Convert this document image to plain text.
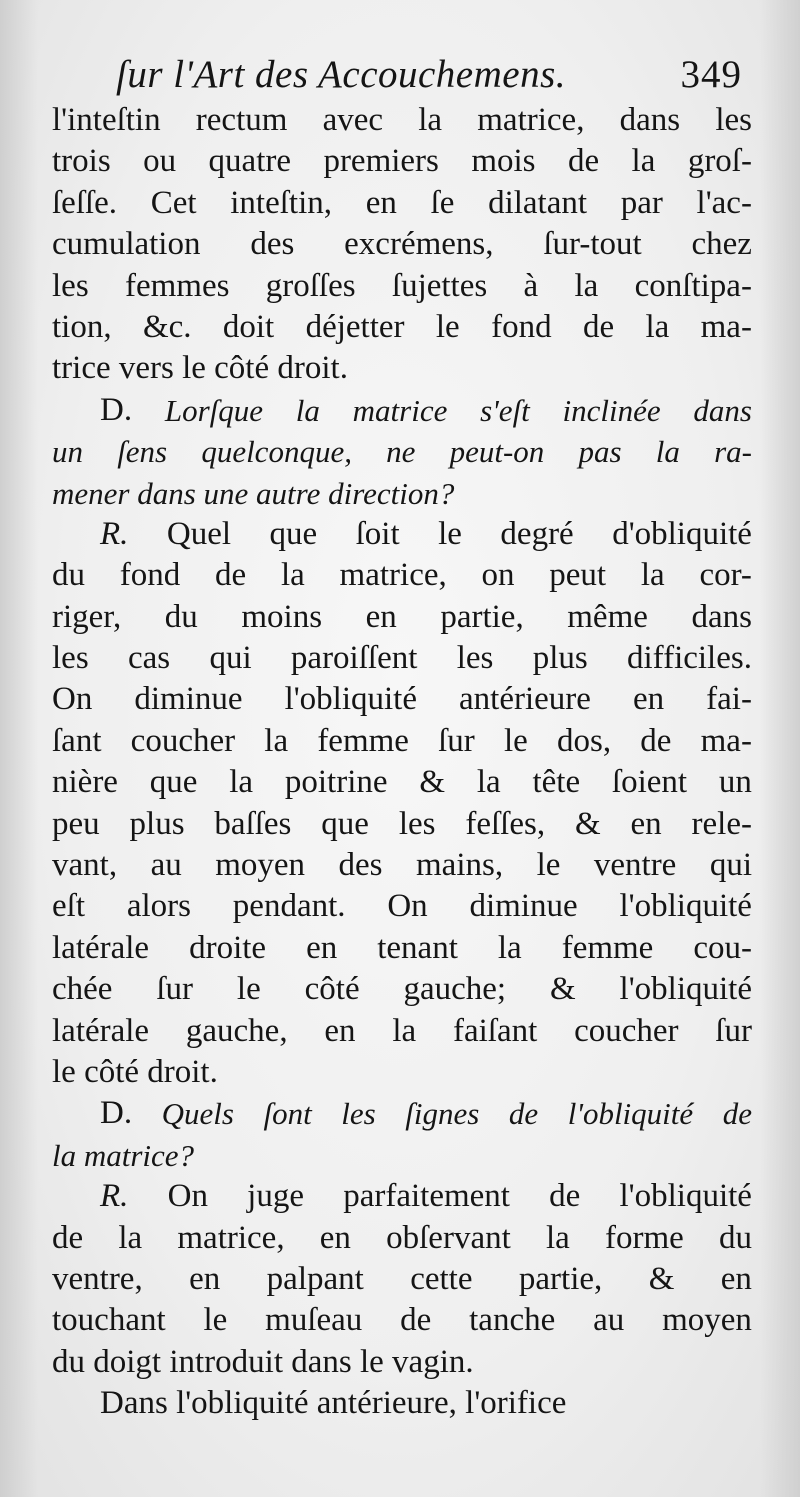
ſur l'Art des Accouchemens.	349
l'inteſtin rectum avec la matrice, dans les
trois ou quatre premiers mois de la groſ-
ſeſſe. Cet inteſtin, en ſe dilatant par l'ac-
cumulation des excrémens, ſur-tout chez
les femmes groſſes ſujettes à la conſtipa-
tion, &c. doit déjetter le fond de la ma-
trice vers le côté droit.
D. Lorſque la matrice s'eſt inclinée dans
un ſens quelconque, ne peut-on pas la ra-
mener dans une autre direction?
R. Quel que ſoit le degré d'obliquité
du fond de la matrice, on peut la cor-
riger, du moins en partie, même dans
les cas qui paroiſſent les plus difficiles.
On diminue l'obliquité antérieure en fai-
ſant coucher la femme ſur le dos, de ma-
nière que la poitrine & la tête ſoient un
peu plus baſſes que les feſſes, & en rele-
vant, au moyen des mains, le ventre qui
eſt alors pendant. On diminue l'obliquité
latérale droite en tenant la femme cou-
chée ſur le côté gauche; & l'obliquité
latérale gauche, en la faiſant coucher ſur
le côté droit.
D. Quels ſont les ſignes de l'obliquité de
la matrice?
R. On juge parfaitement de l'obliquité
de la matrice, en obſervant la forme du
ventre, en palpant cette partie, & en
touchant le muſeau de tanche au moyen
du doigt introduit dans le vagin.
Dans l'obliquité antérieure, l'orifice
